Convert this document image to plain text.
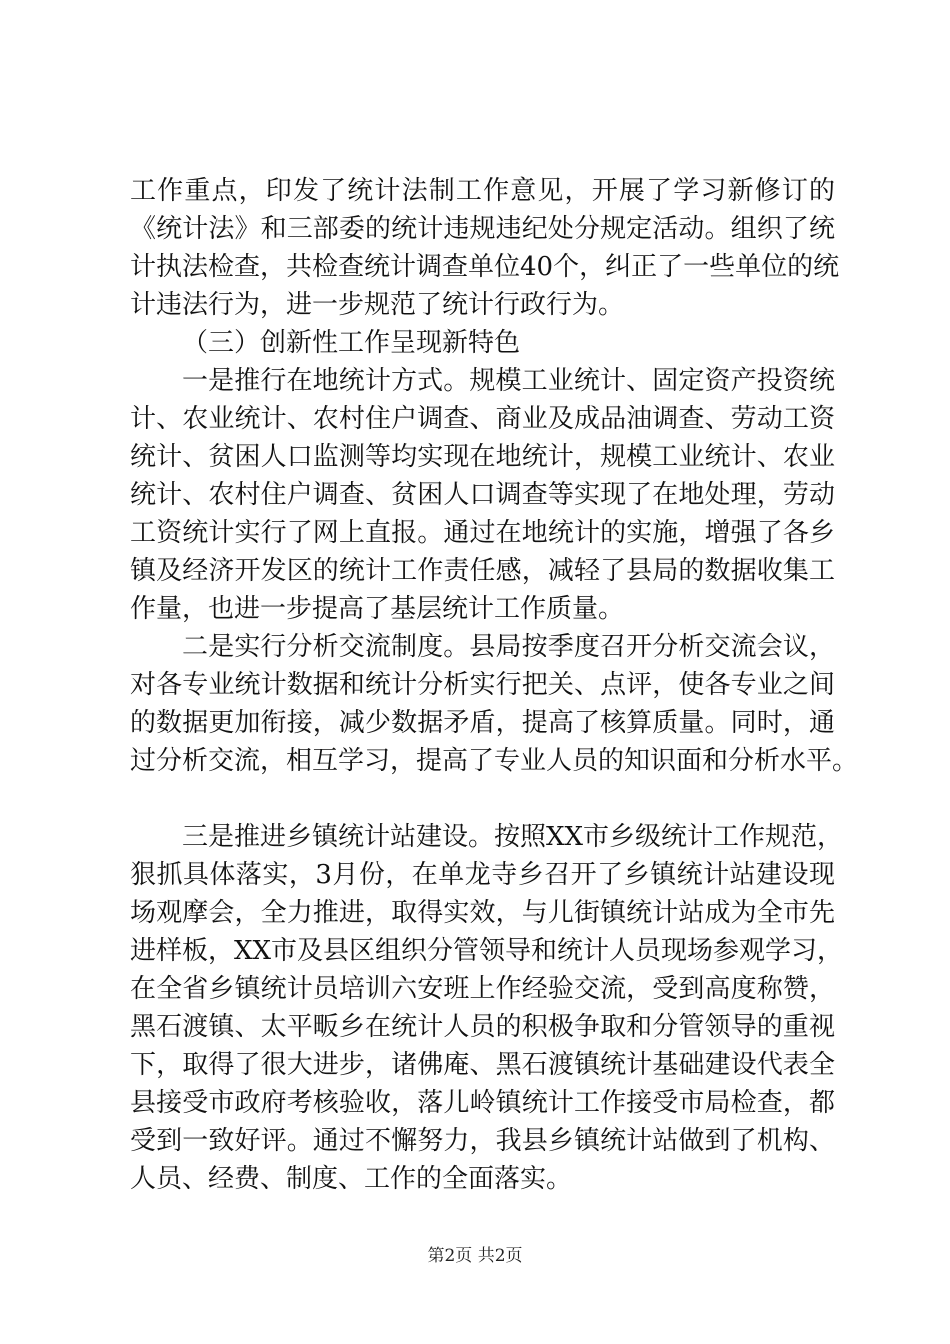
工作重点，印发了统计法制工作意见，开展了学习新修订的
《统计法》和三部委的统计违规违纪处分规定活动。组织了统
计执法检查，共检查统计调查单位40个，纠正了一些单位的统
计违法行为，进一步规范了统计行政行为。
（三）创新性工作呈现新特色
一是推行在地统计方式。规模工业统计、固定资产投资统
计、农业统计、农村住户调查、商业及成品油调查、劳动工资
统计、贫困人口监测等均实现在地统计，规模工业统计、农业
统计、农村住户调查、贫困人口调查等实现了在地处理，劳动
工资统计实行了网上直报。通过在地统计的实施，增强了各乡
镇及经济开发区的统计工作责任感，减轻了县局的数据收集工
作量，也进一步提高了基层统计工作质量。
二是实行分析交流制度。县局按季度召开分析交流会议，
对各专业统计数据和统计分析实行把关、点评，使各专业之间
的数据更加衔接，减少数据矛盾，提高了核算质量。同时，通
过分析交流，相互学习，提高了专业人员的知识面和分析水平。
三是推进乡镇统计站建设。按照XX市乡级统计工作规范，
狠抓具体落实，3月份，在单龙寺乡召开了乡镇统计站建设现
场观摩会，全力推进，取得实效，与儿街镇统计站成为全市先
进样板，XX市及县区组织分管领导和统计人员现场参观学习，
在全省乡镇统计员培训六安班上作经验交流，受到高度称赞，
黑石渡镇、太平畈乡在统计人员的积极争取和分管领导的重视
下，取得了很大进步，诸佛庵、黑石渡镇统计基础建设代表全
县接受市政府考核验收，落儿岭镇统计工作接受市局检查，都
受到一致好评。通过不懈努力，我县乡镇统计站做到了机构、
人员、经费、制度、工作的全面落实。
第2页 共2页
